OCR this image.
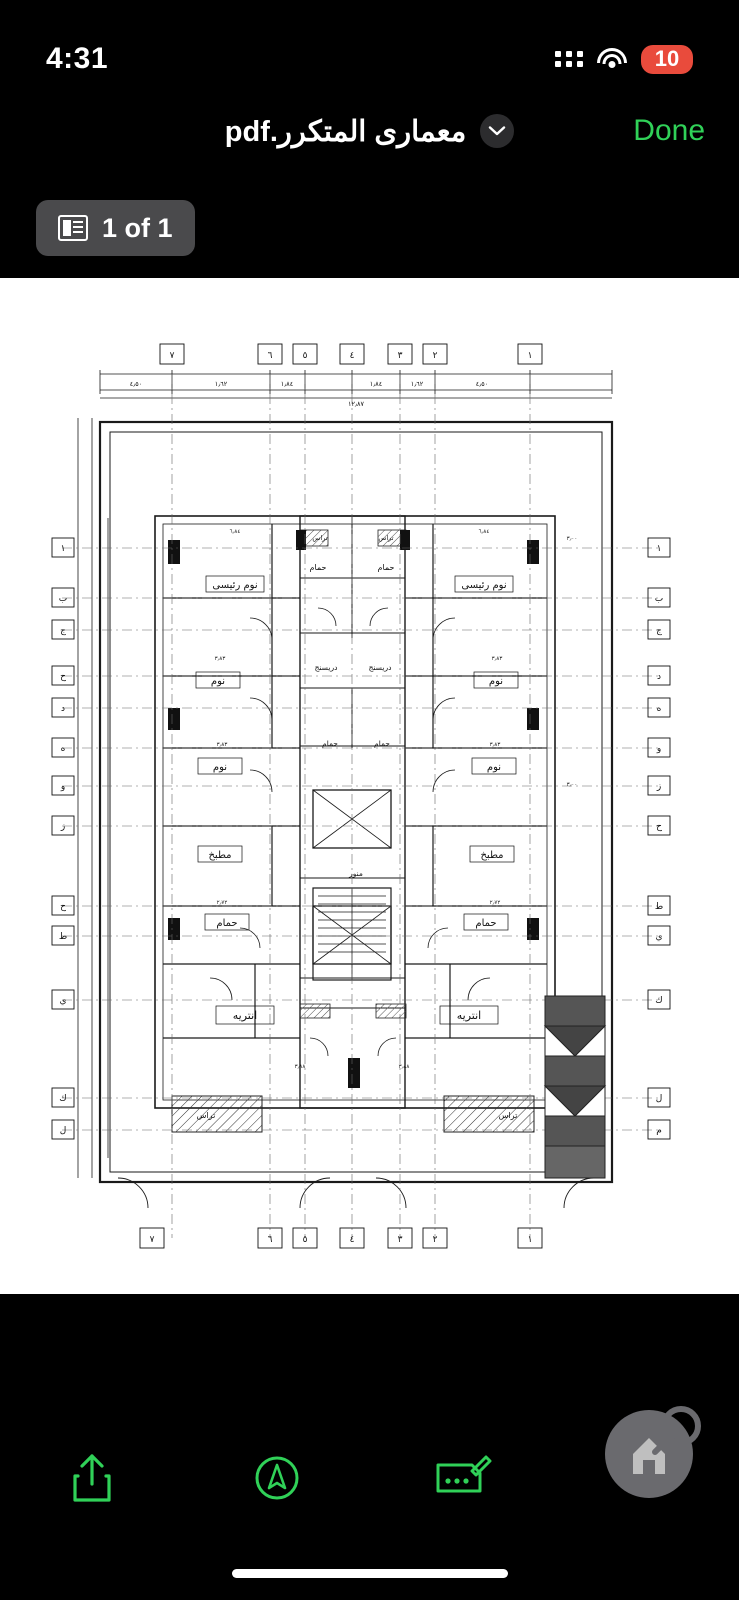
4:31	10
معمارى المتكرر.pdf	Done
1 of 1
٧	٦	٥	٤	٣	٢	١
٤٫٥٠	١٫٦٢	١٫٨٤	١٫٨٤	١٫٦٢	٤٫٥٠
١٢٫٨٧
٧	٦	٥	٤	٣	٢	١
١
ب
ج
ح
د
ه
و
ز
ح
ط
ي
ك
ل
١
ب
ج
د
ه
و
ز
ح
ط
ي
ك
ل
م
نوم رئيسى	نوم رئيسى
نوم	نوم
نوم	نوم
مطبخ	مطبخ
حمام	حمام
انتريه	انتريه
تراس	تراس
حمام	حمام
تراس	تراس
دريسنج	دريسنج
حمام	حمام
منور
٦٫٨٤	٦٫٨٤
٣٫٨٣	٣٫٨٣
٣٫٨٣	٣٫٨٣
٢٫٧٢	٢٫٧٢
٣٫٨٨	٣٫٨٨
٣٫٠٠
٣٫٠٠
